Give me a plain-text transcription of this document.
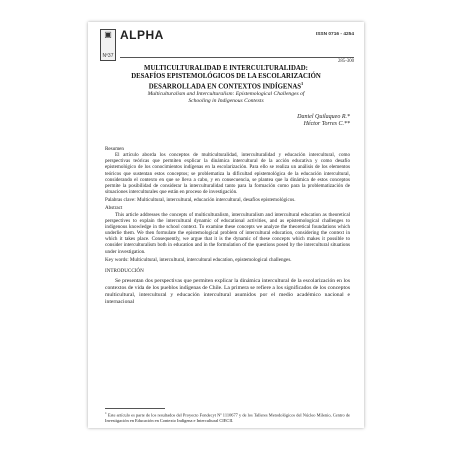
▣
Nº37
ALPHA	ISSN 0716 - 4254
285-300
MULTICULTURALIDAD E INTERCULTURALIDAD:
DESAFÍOS EPISTEMOLÓGICOS DE LA ESCOLARIZACIÓN
DESARROLLADA EN CONTEXTOS INDÍGENAS$^1$
Multiculturalism and Interculturalism: Epistemological Challenges of
Schooling in Indigenous Contexts
Daniel Quilaqueo R.*
Héctor Torres C.**
Resumen
El artículo aborda los conceptos de multiculturalidad, interculturalidad y educación intercultural, como perspectivas teóricas que permiten explicar la dinámica intercultural de la acción educativa y como desafío epistemológico de los conocimientos indígenas en la escolarización. Para ello se realiza un análisis de los elementos teóricos que sustentan estos conceptos; se problematiza la dificultad epistemológica de la educación intercultural, considerando el contexto en que se lleva a cabo, y en consecuencia, se plantea que la dinámica de estos conceptos permite la posibilidad de considerar la interculturalidad tanto para la formación como para la problematización de situaciones interculturales que están en proceso de investigación.
Palabras clave: Multicultural, intercultural, educación intercultural, desafíos epistemológicos.
Abstract
This article addresses the concepts of multiculturalism, interculturalism and intercultural education as theoretical perspectives to explain the intercultural dynamic of educational activities, and as epistemological challenges to indigenous knowledge in the school context. To examine these concepts we analyze the theoretical foundations which underlie them. We then formulate the epistemological problem of intercultural education, considering the context in which it takes place. Consequently, we argue that it is the dynamic of these concepts which makes it possible to consider interculturalism both in education and in the formulation of the questions posed by the intercultural situations under investigation.
Key words: Multicultural, intercultural, intercultural education, epistemological challenges.
INTRODUCCIÓN
Se presentan dos perspectivas que permiten explicar la dinámica intercultural de la escolarización en los contextos de vida de los pueblos indígenas de Chile. La primera se refiere a los significados de los conceptos multicultural, intercultural y educación intercultural asumidos por el medio académico nacional e internacional
$^1$ Este artículo es parte de los resultados del Proyecto Fondecyt Nº 1110677 y de los Talleres Metodológicos del Núcleo Milenio, Centro de Investigación en Educación en Contexto Indígena e Intercultural CIECII.
